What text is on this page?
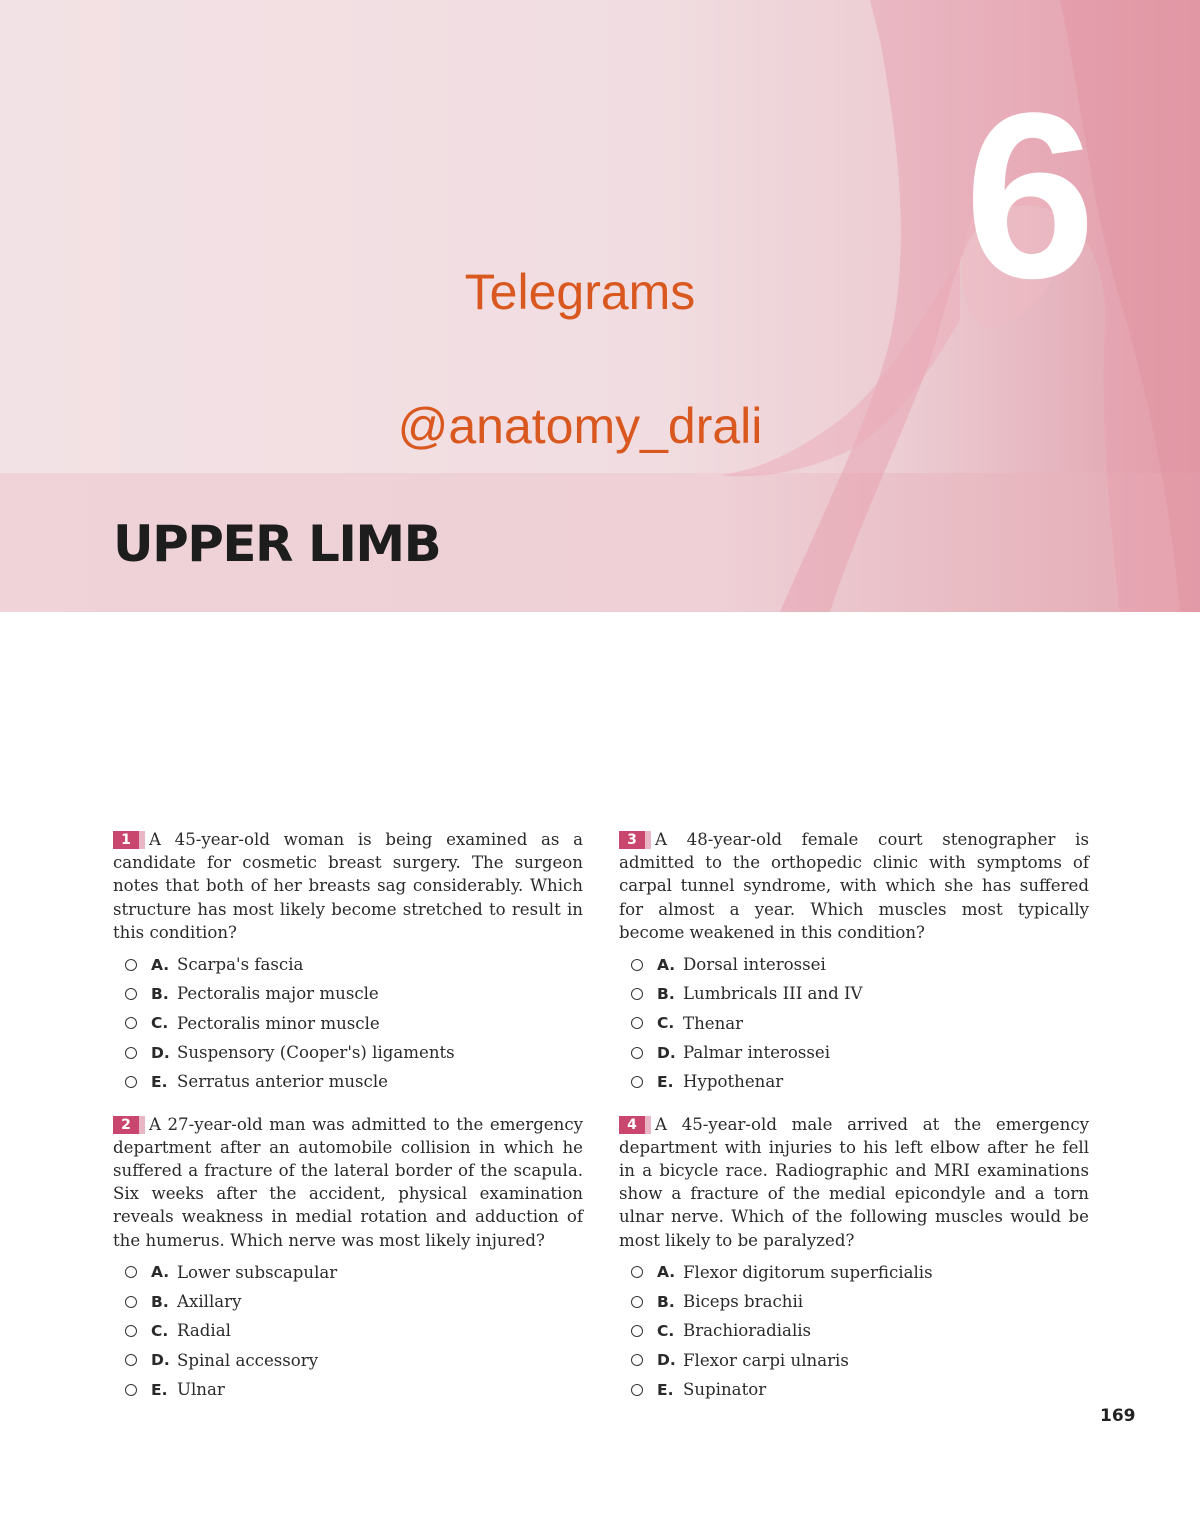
6
Telegrams
@anatomy_drali
UPPER LIMB

1 A 45-year-old woman is being examined as a candidate for cosmetic breast surgery. The surgeon notes that both of her breasts sag considerably. Which structure has most likely become stretched to result in this condition?

A. Scarpa's fascia
B. Pectoralis major muscle
C. Pectoralis minor muscle
D. Suspensory (Cooper's) ligaments
E. Serratus anterior muscle

2 A 27-year-old man was admitted to the emergency department after an automobile collision in which he suffered a fracture of the lateral border of the scapula. Six weeks after the accident, physical examination reveals weakness in medial rotation and adduction of the humerus. Which nerve was most likely injured?

A. Lower subscapular
B. Axillary
C. Radial
D. Spinal accessory
E. Ulnar

3 A 48-year-old female court stenographer is admitted to the orthopedic clinic with symptoms of carpal tunnel syndrome, with which she has suffered for almost a year. Which muscles most typically become weakened in this condition?

A. Dorsal interossei
B. Lumbricals III and IV
C. Thenar
D. Palmar interossei
E. Hypothenar

4 A 45-year-old male arrived at the emergency department with injuries to his left elbow after he fell in a bicycle race. Radiographic and MRI examinations show a fracture of the medial epicondyle and a torn ulnar nerve. Which of the following muscles would be most likely to be paralyzed?

A. Flexor digitorum superficialis
B. Biceps brachii
C. Brachioradialis
D. Flexor carpi ulnaris
E. Supinator
169
